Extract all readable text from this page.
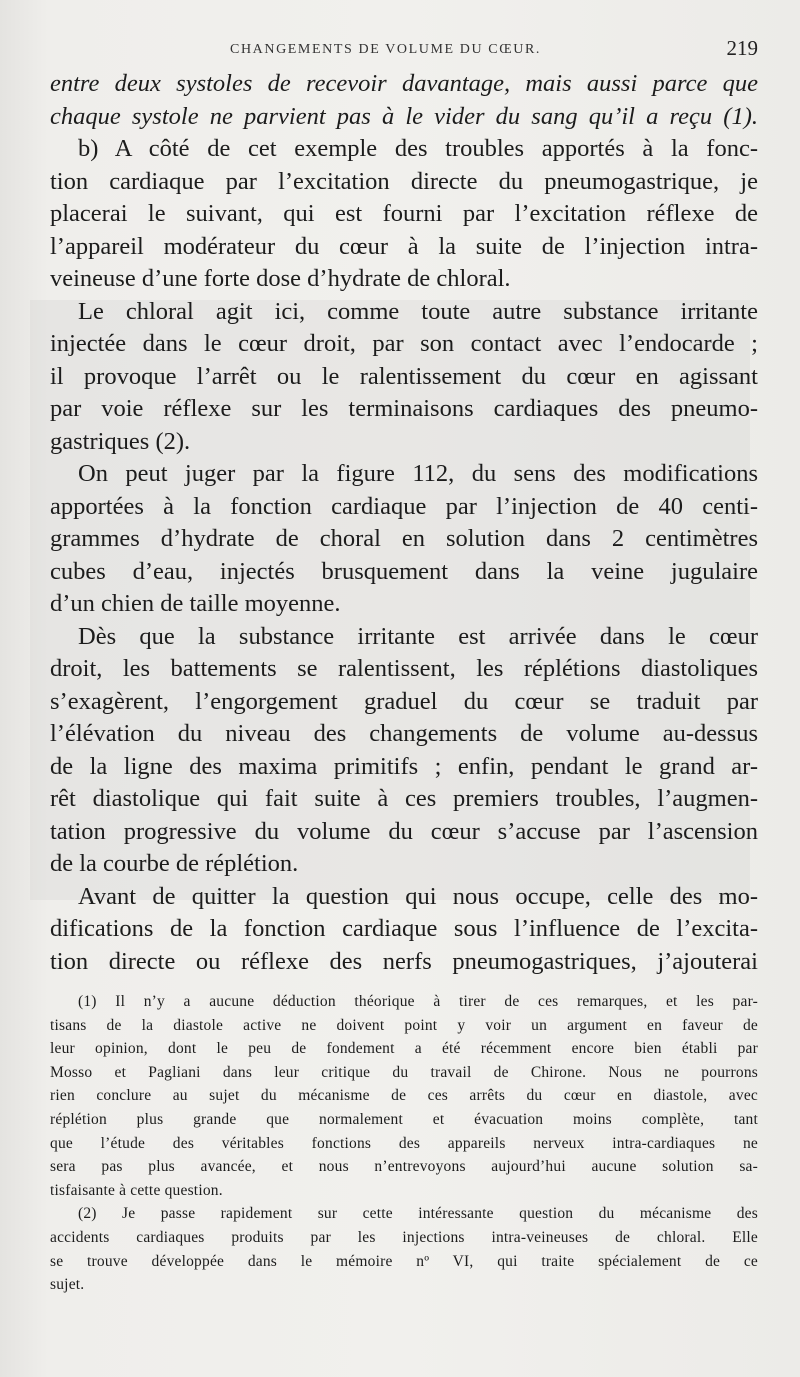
CHANGEMENTS DE VOLUME DU CŒUR.	219

entre deux systoles de recevoir davantage, mais aussi parce que
chaque systole ne parvient pas à le vider du sang qu’il a reçu (1).

b) A côté de cet exemple des troubles apportés à la fonc-
tion cardiaque par l’excitation directe du pneumogastrique, je
placerai le suivant, qui est fourni par l’excitation réflexe de
l’appareil modérateur du cœur à la suite de l’injection intra-
veineuse d’une forte dose d’hydrate de chloral.

Le chloral agit ici, comme toute autre substance irritante
injectée dans le cœur droit, par son contact avec l’endocarde ;
il provoque l’arrêt ou le ralentissement du cœur en agissant
par voie réflexe sur les terminaisons cardiaques des pneumo-
gastriques (2).

On peut juger par la figure 112, du sens des modifications
apportées à la fonction cardiaque par l’injection de 40 centi-
grammes d’hydrate de choral en solution dans 2 centimètres
cubes d’eau, injectés brusquement dans la veine jugulaire
d’un chien de taille moyenne.

Dès que la substance irritante est arrivée dans le cœur
droit, les battements se ralentissent, les réplétions diastoliques
s’exagèrent, l’engorgement graduel du cœur se traduit par
l’élévation du niveau des changements de volume au-dessus
de la ligne des maxima primitifs ; enfin, pendant le grand ar-
rêt diastolique qui fait suite à ces premiers troubles, l’augmen-
tation progressive du volume du cœur s’accuse par l’ascension
de la courbe de réplétion.

Avant de quitter la question qui nous occupe, celle des mo-
difications de la fonction cardiaque sous l’influence de l’excita-
tion directe ou réflexe des nerfs pneumogastriques, j’ajouterai

(1) Il n’y a aucune déduction théorique à tirer de ces remarques, et les par-
tisans de la diastole active ne doivent point y voir un argument en faveur de
leur opinion, dont le peu de fondement a été récemment encore bien établi par
Mosso et Pagliani dans leur critique du travail de Chirone. Nous ne pourrons
rien conclure au sujet du mécanisme de ces arrêts du cœur en diastole, avec
réplétion plus grande que normalement et évacuation moins complète, tant
que l’étude des véritables fonctions des appareils nerveux intra-cardiaques ne
sera pas plus avancée, et nous n’entrevoyons aujourd’hui aucune solution sa-
tisfaisante à cette question.
(2) Je passe rapidement sur cette intéressante question du mécanisme des
accidents cardiaques produits par les injections intra-veineuses de chloral. Elle
se trouve développée dans le mémoire nº VI, qui traite spécialement de ce
sujet.
